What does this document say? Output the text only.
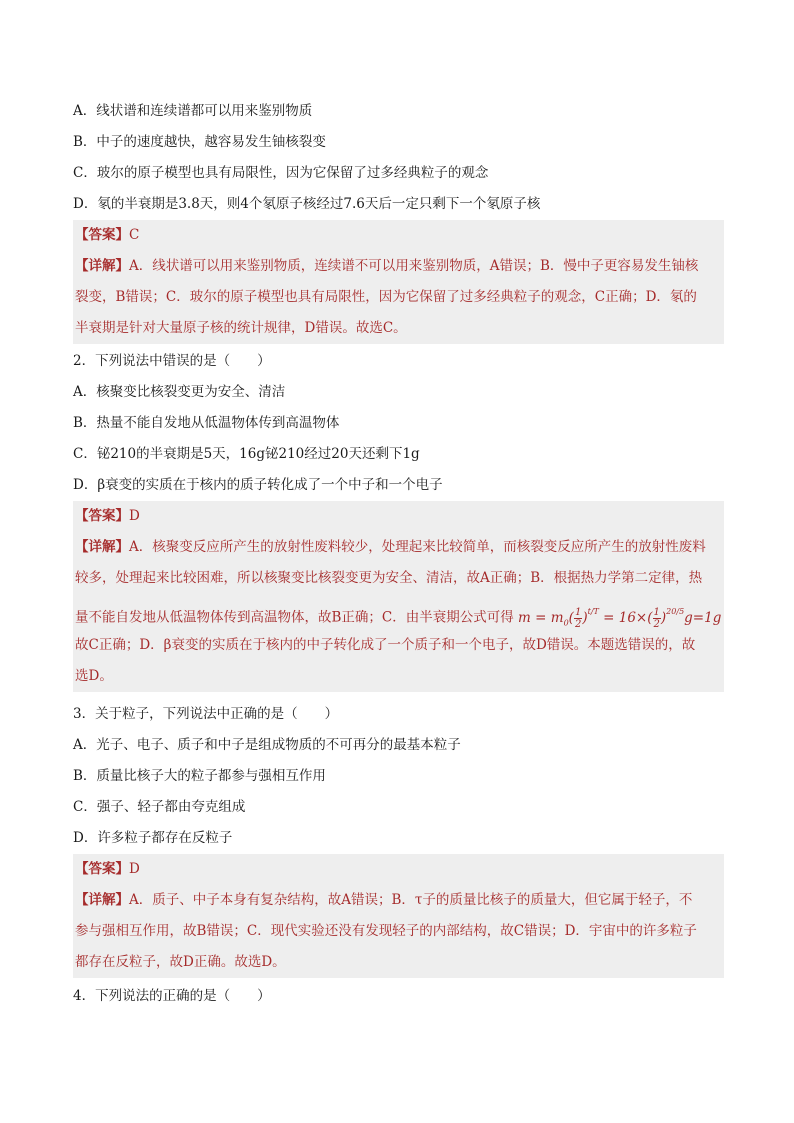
A．线状谱和连续谱都可以用来鉴别物质
B．中子的速度越快，越容易发生铀核裂变
C．玻尔的原子模型也具有局限性，因为它保留了过多经典粒子的观念
D．氡的半衰期是3.8天，则4个氡原子核经过7.6天后一定只剩下一个氡原子核
【答案】C
【详解】A．线状谱可以用来鉴别物质，连续谱不可以用来鉴别物质，A错误；B．慢中子更容易发生铀核
裂变，B错误；C．玻尔的原子模型也具有局限性，因为它保留了过多经典粒子的观念，C正确；D．氡的
半衰期是针对大量原子核的统计规律，D错误。故选C。
2．下列说法中错误的是（　　）
A．核聚变比核裂变更为安全、清洁
B．热量不能自发地从低温物体传到高温物体
C．铋210的半衰期是5天，16g铋210经过20天还剩下1g
D．β衰变的实质在于核内的质子转化成了一个中子和一个电子
【答案】D
【详解】A．核聚变反应所产生的放射性废料较少，处理起来比较简单，而核裂变反应所产生的放射性废料
较多，处理起来比较困难，所以核聚变比核裂变更为安全、清洁，故A正确；B．根据热力学第二定律，热
量不能自发地从低温物体传到高温物体，故B正确；C．由半衰期公式可得 $m = m_0( \frac{1}{2} )^{t/T} = 16\times( \frac{1}{2} )^{20/5}g=1g$
故C正确；D．β衰变的实质在于核内的中子转化成了一个质子和一个电子，故D错误。本题选错误的，故
选D。
3．关于粒子，下列说法中正确的是（　　）
A．光子、电子、质子和中子是组成物质的不可再分的最基本粒子
B．质量比核子大的粒子都参与强相互作用
C．强子、轻子都由夸克组成
D．许多粒子都存在反粒子
【答案】D
【详解】A．质子、中子本身有复杂结构，故A错误；B．τ子的质量比核子的质量大，但它属于轻子，不
参与强相互作用，故B错误；C．现代实验还没有发现轻子的内部结构，故C错误；D．宇宙中的许多粒子
都存在反粒子，故D正确。故选D。
4．下列说法的正确的是（　　）
